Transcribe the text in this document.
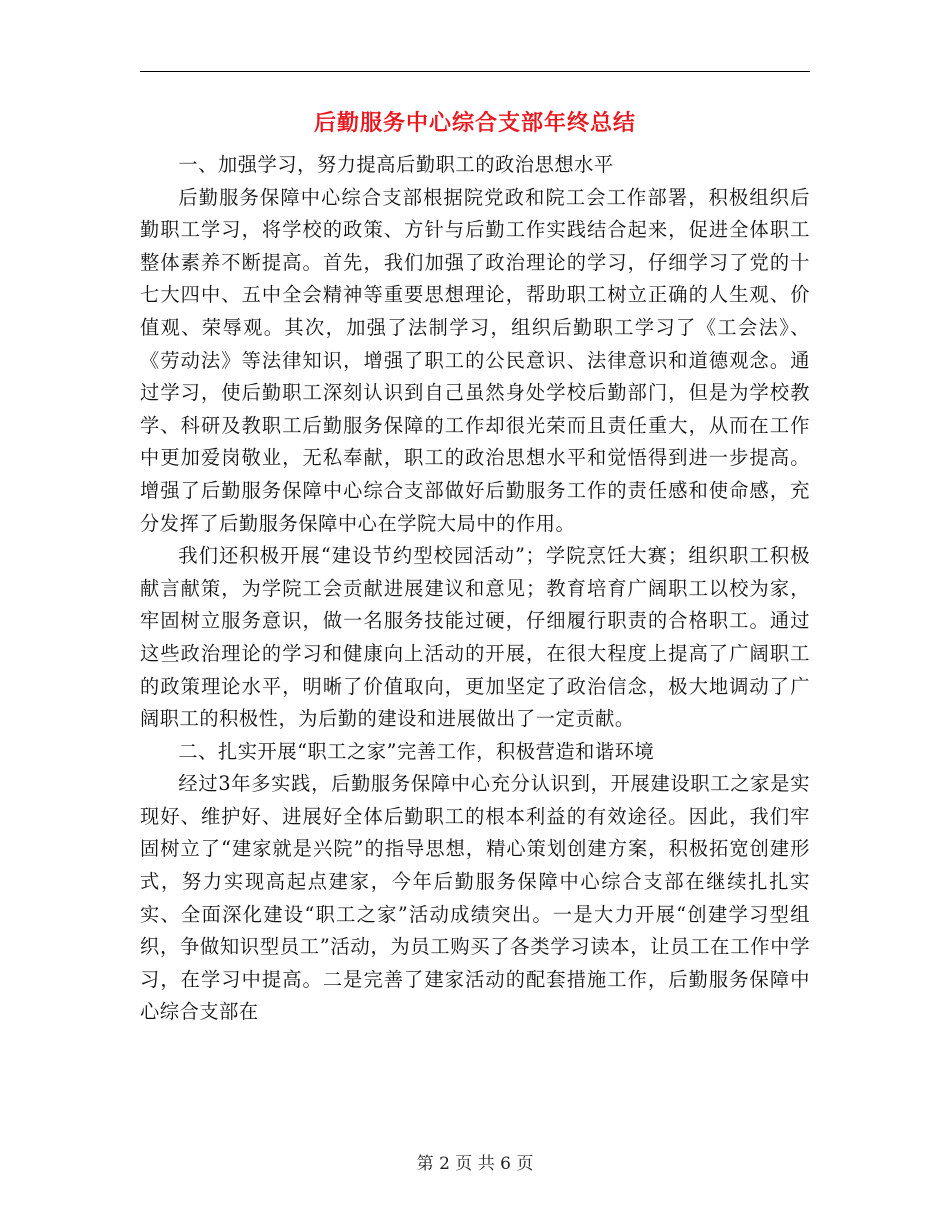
后勤服务中心综合支部年终总结

一、加强学习，努力提高后勤职工的政治思想水平

后勤服务保障中心综合支部根据院党政和院工会工作部署，积极组织后勤职工学习，将学校的政策、方针与后勤工作实践结合起来，促进全体职工整体素养不断提高。首先，我们加强了政治理论的学习，仔细学习了党的十七大四中、五中全会精神等重要思想理论，帮助职工树立正确的人生观、价值观、荣辱观。其次，加强了法制学习，组织后勤职工学习了《工会法》、《劳动法》等法律知识，增强了职工的公民意识、法律意识和道德观念。通过学习，使后勤职工深刻认识到自己虽然身处学校后勤部门，但是为学校教学、科研及教职工后勤服务保障的工作却很光荣而且责任重大，从而在工作中更加爱岗敬业，无私奉献，职工的政治思想水平和觉悟得到进一步提高。增强了后勤服务保障中心综合支部做好后勤服务工作的责任感和使命感，充分发挥了后勤服务保障中心在学院大局中的作用。

我们还积极开展“建设节约型校园活动”；学院烹饪大赛；组织职工积极献言献策，为学院工会贡献进展建议和意见；教育培育广阔职工以校为家，牢固树立服务意识，做一名服务技能过硬，仔细履行职责的合格职工。通过这些政治理论的学习和健康向上活动的开展，在很大程度上提高了广阔职工的政策理论水平，明晰了价值取向，更加坚定了政治信念，极大地调动了广阔职工的积极性，为后勤的建设和进展做出了一定贡献。

二、扎实开展“职工之家”完善工作，积极营造和谐环境

经过3年多实践，后勤服务保障中心充分认识到，开展建设职工之家是实现好、维护好、进展好全体后勤职工的根本利益的有效途径。因此，我们牢固树立了“建家就是兴院”的指导思想，精心策划创建方案，积极拓宽创建形式，努力实现高起点建家，今年后勤服务保障中心综合支部在继续扎扎实实、全面深化建设“职工之家”活动成绩突出。一是大力开展“创建学习型组织，争做知识型员工”活动，为员工购买了各类学习读本，让员工在工作中学习，在学习中提高。二是完善了建家活动的配套措施工作，后勤服务保障中心综合支部在

第 2 页 共 6 页
